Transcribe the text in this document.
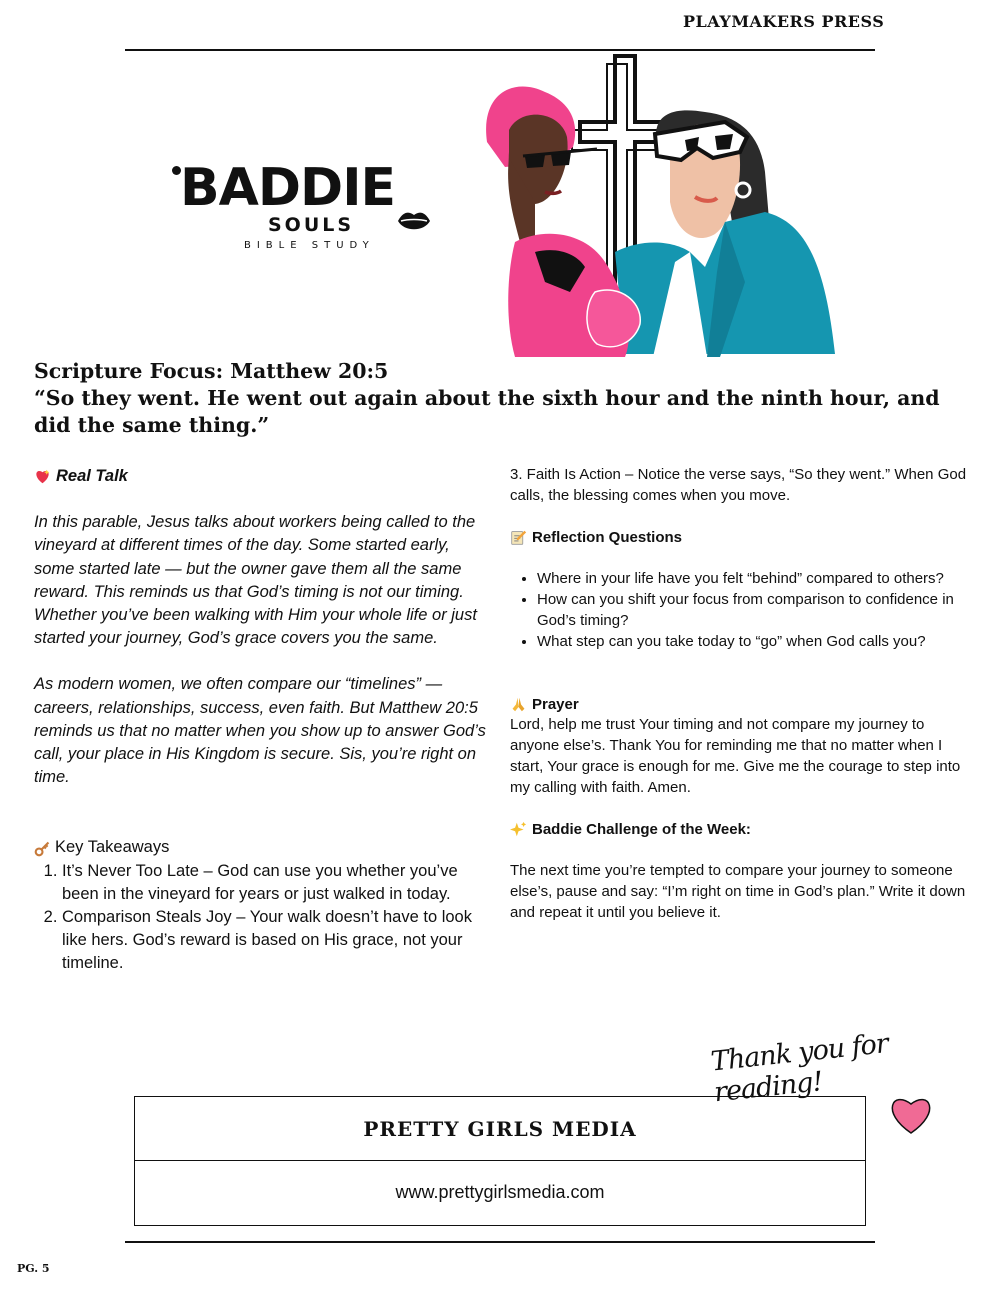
PLAYMAKERS PRESS
BADDIE
SOULS
BIBLE STUDY
Scripture Focus: Matthew 20:5
“So they went. He went out again about the sixth hour and the ninth hour, and did the same thing.”
Real Talk

In this parable, Jesus talks about workers being called to the vineyard at different times of the day. Some started early, some started late — but the owner gave them all the same reward. This reminds us that God’s timing is not our timing. Whether you’ve been walking with Him your whole life or just started your journey, God’s grace covers you the same.

As modern women, we often compare our “timelines” — careers, relationships, success, even faith. But Matthew 20:5 reminds us that no matter when you show up to answer God’s call, your place in His Kingdom is secure. Sis, you’re right on time.

Key Takeaways
1. It’s Never Too Late – God can use you whether you’ve been in the vineyard for years or just walked in today.
2. Comparison Steals Joy – Your walk doesn’t have to look like hers. God’s reward is based on His grace, not your timeline.
3. Faith Is Action – Notice the verse says, “So they went.” When God calls, the blessing comes when you move.
Reflection Questions
• Where in your life have you felt “behind” compared to others?
• How can you shift your focus from comparison to confidence in God’s timing?
• What step can you take today to “go” when God calls you?
Prayer
Lord, help me trust Your timing and not compare my journey to anyone else’s. Thank You for reminding me that no matter when I start, Your grace is enough for me. Give me the courage to step into my calling with faith. Amen.
Baddie Challenge of the Week:
The next time you’re tempted to compare your journey to someone else’s, pause and say: “I’m right on time in God’s plan.” Write it down and repeat it until you believe it.
Thank you for reading!
PRETTY GIRLS MEDIA
www.prettygirlsmedia.com
PG. 5
